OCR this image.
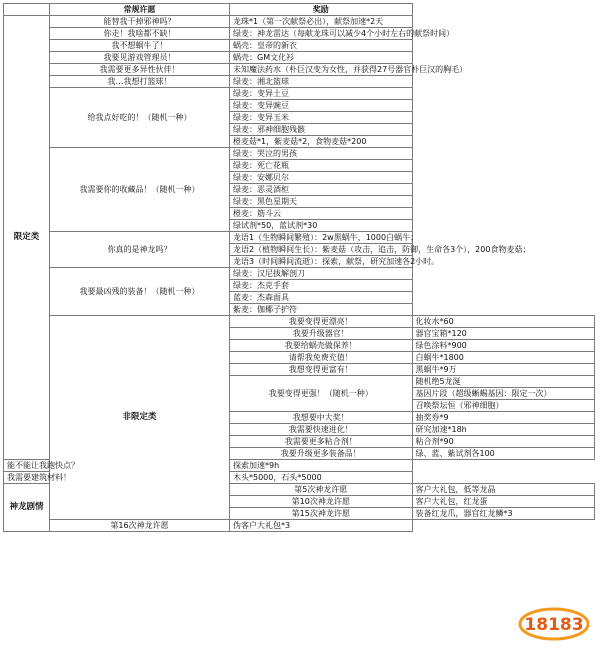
	常规许愿	奖励	
限定类	能替我干掉邪神吗？	龙珠*1（第一次献祭必出），献祭加速*2天	
	你走！我啥都不缺！	绿麦：神龙雷达（每献龙珠可以减少4个小时左右的献祭时间）	
	我不想蜗牛了！	蜗壳：皇帝的新衣	
	我要见游戏管理员！	蜗壳：GM文化衫	
	我需要更多异性伙伴！	未知魔法药水（朴巨汉变为女性，并获得27号器官朴巨汉的胸毛）	
	我…我想打篮球！	绿麦：湘北篮球	
	给我点好吃的！（随机一种）	绿麦：变异土豆	
		绿麦：变异豌豆	
		绿麦：变异玉米	
		绿麦：邪神细胞残骸	
		橙麦菇*1，紫麦菇*2，食物麦菇*200	
	我需要你的收藏品！（随机一种）	绿麦：哭泣的男孩	
		绿麦：死亡花瓶	
		绿麦：安娜贝尔	
		绿麦：恶灵酒柜	
		绿麦：黑色星期天	
		橙麦：筋斗云	
		绿试剂*50，蓝试剂*30	
	你真的是神龙吗？	龙语1（生物瞬间繁殖）：2w黑蜗牛，1000白蜗牛；	
		龙语2（植物瞬间生长）：紫麦菇（攻击，追击，防御，生命各3个），200食物麦菇；	
		龙语3（时间瞬间流逝）：探索，献祭，研究加速各2小时。	
	我要最凶残的装备！（随机一种）	绿麦：汉尼拔解剖刀	
		绿麦：杰克手套	
		蓝麦：杰森面具	
		紫麦：伽椰子护符	
	非限定类	我要变得更漂亮！	化妆水*60
		我要升级器官！	器官宝箱*120
		我要给蜗壳做保养！	绿色涂料*900
		请帮我免费充值！	白蜗牛*1800
		我想变得更富有！	黑蜗牛*9万
		我要变得更强！（随机一种）	随机绝5龙涎
			基因片段（超级蜥蜴基因：限定一次）
			召唤祭坛恒（邪神细胞）
		我想要中大奖！	抽奖券*9
		我需要快速进化！	研究加速*18h
		我需要更多粘合剂！	粘合剂*90
		我要升级更多装备品！	绿、蓝、紫试剂各100
能不能让我跑快点？		探索加速*9h	
我需要建筑材料！		木头*5000，石头*5000	
神龙剧情		第5次神龙许愿	客户大礼包，低等龙晶
		第10次神龙许愿	客户大礼包，红龙蛋
		第15次神龙许愿	装备红龙爪，器官红龙鳞*3
	第16次神龙许愿	伪客户大礼包*3	
18183
